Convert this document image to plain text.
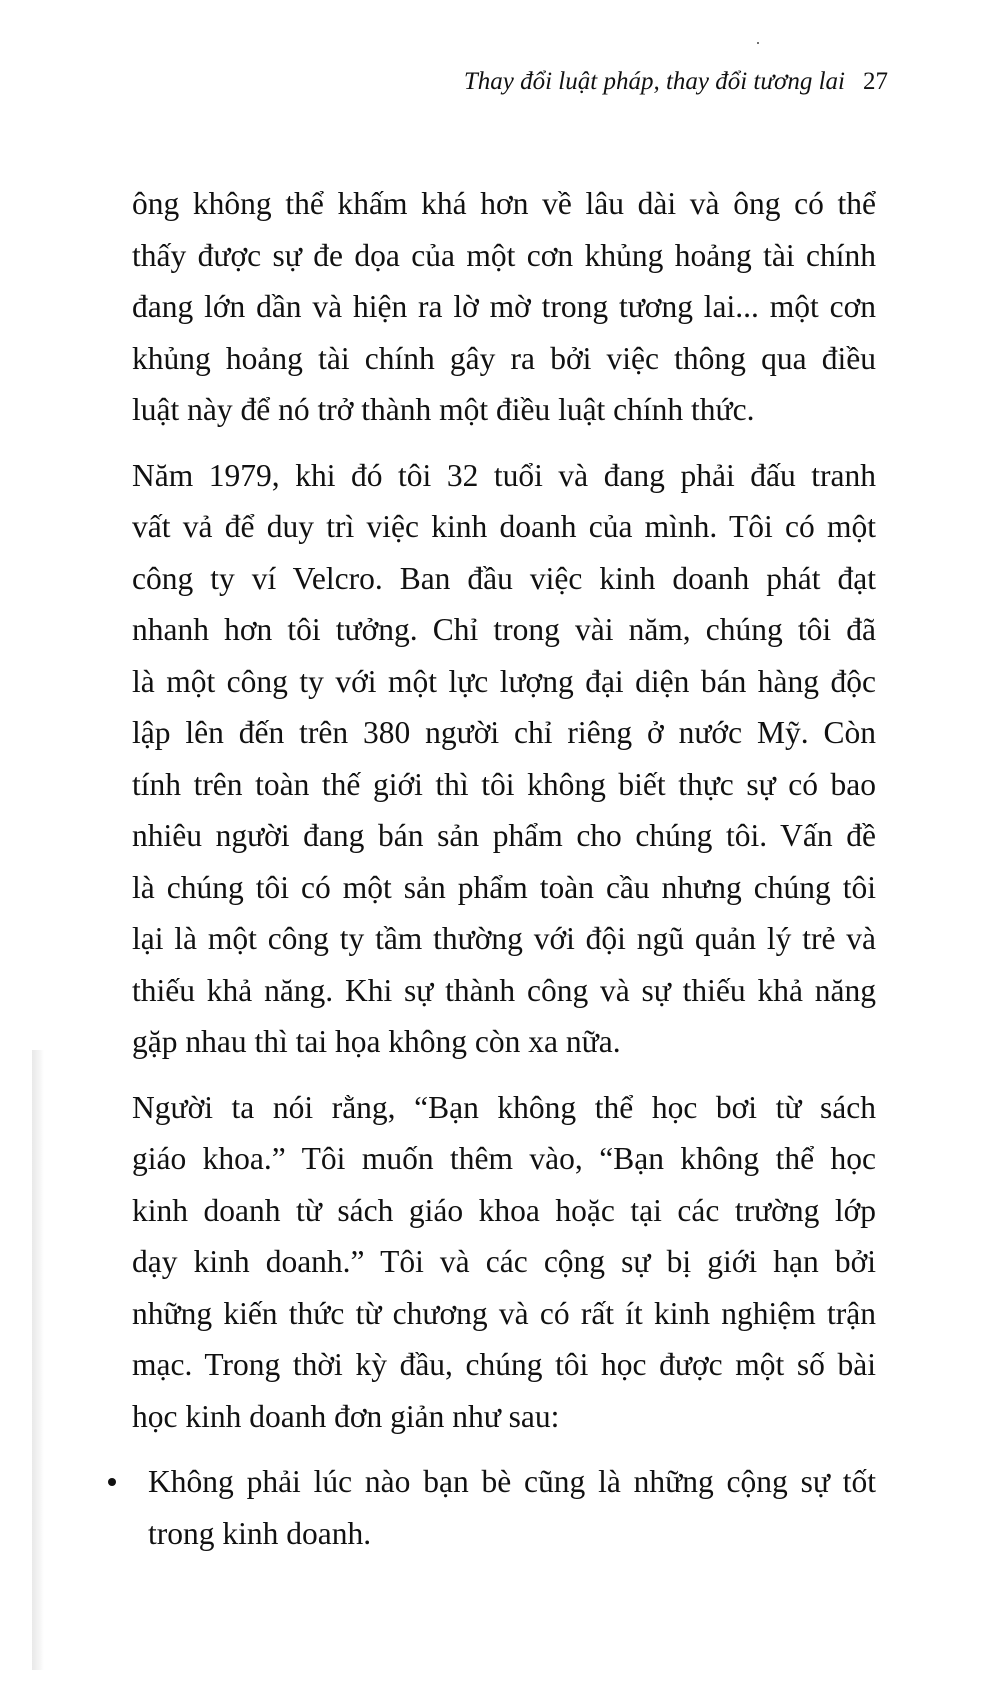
Thay đổi luật pháp, thay đổi tương lai 27

ông không thể khấm khá hơn về lâu dài và ông có thể
thấy được sự đe dọa của một cơn khủng hoảng tài chính
đang lớn dần và hiện ra lờ mờ trong tương lai... một cơn
khủng hoảng tài chính gây ra bởi việc thông qua điều
luật này để nó trở thành một điều luật chính thức.

Năm 1979, khi đó tôi 32 tuổi và đang phải đấu tranh
vất vả để duy trì việc kinh doanh của mình. Tôi có một
công ty ví Velcro. Ban đầu việc kinh doanh phát đạt
nhanh hơn tôi tưởng. Chỉ trong vài năm, chúng tôi đã
là một công ty với một lực lượng đại diện bán hàng độc
lập lên đến trên 380 người chỉ riêng ở nước Mỹ. Còn
tính trên toàn thế giới thì tôi không biết thực sự có bao
nhiêu người đang bán sản phẩm cho chúng tôi. Vấn đề
là chúng tôi có một sản phẩm toàn cầu nhưng chúng tôi
lại là một công ty tầm thường với đội ngũ quản lý trẻ và
thiếu khả năng. Khi sự thành công và sự thiếu khả năng
gặp nhau thì tai họa không còn xa nữa.

Người ta nói rằng, “Bạn không thể học bơi từ sách
giáo khoa.” Tôi muốn thêm vào, “Bạn không thể học
kinh doanh từ sách giáo khoa hoặc tại các trường lớp
dạy kinh doanh.” Tôi và các cộng sự bị giới hạn bởi
những kiến thức từ chương và có rất ít kinh nghiệm trận
mạc. Trong thời kỳ đầu, chúng tôi học được một số bài
học kinh doanh đơn giản như sau:

Không phải lúc nào bạn bè cũng là những cộng sự tốt
trong kinh doanh.
